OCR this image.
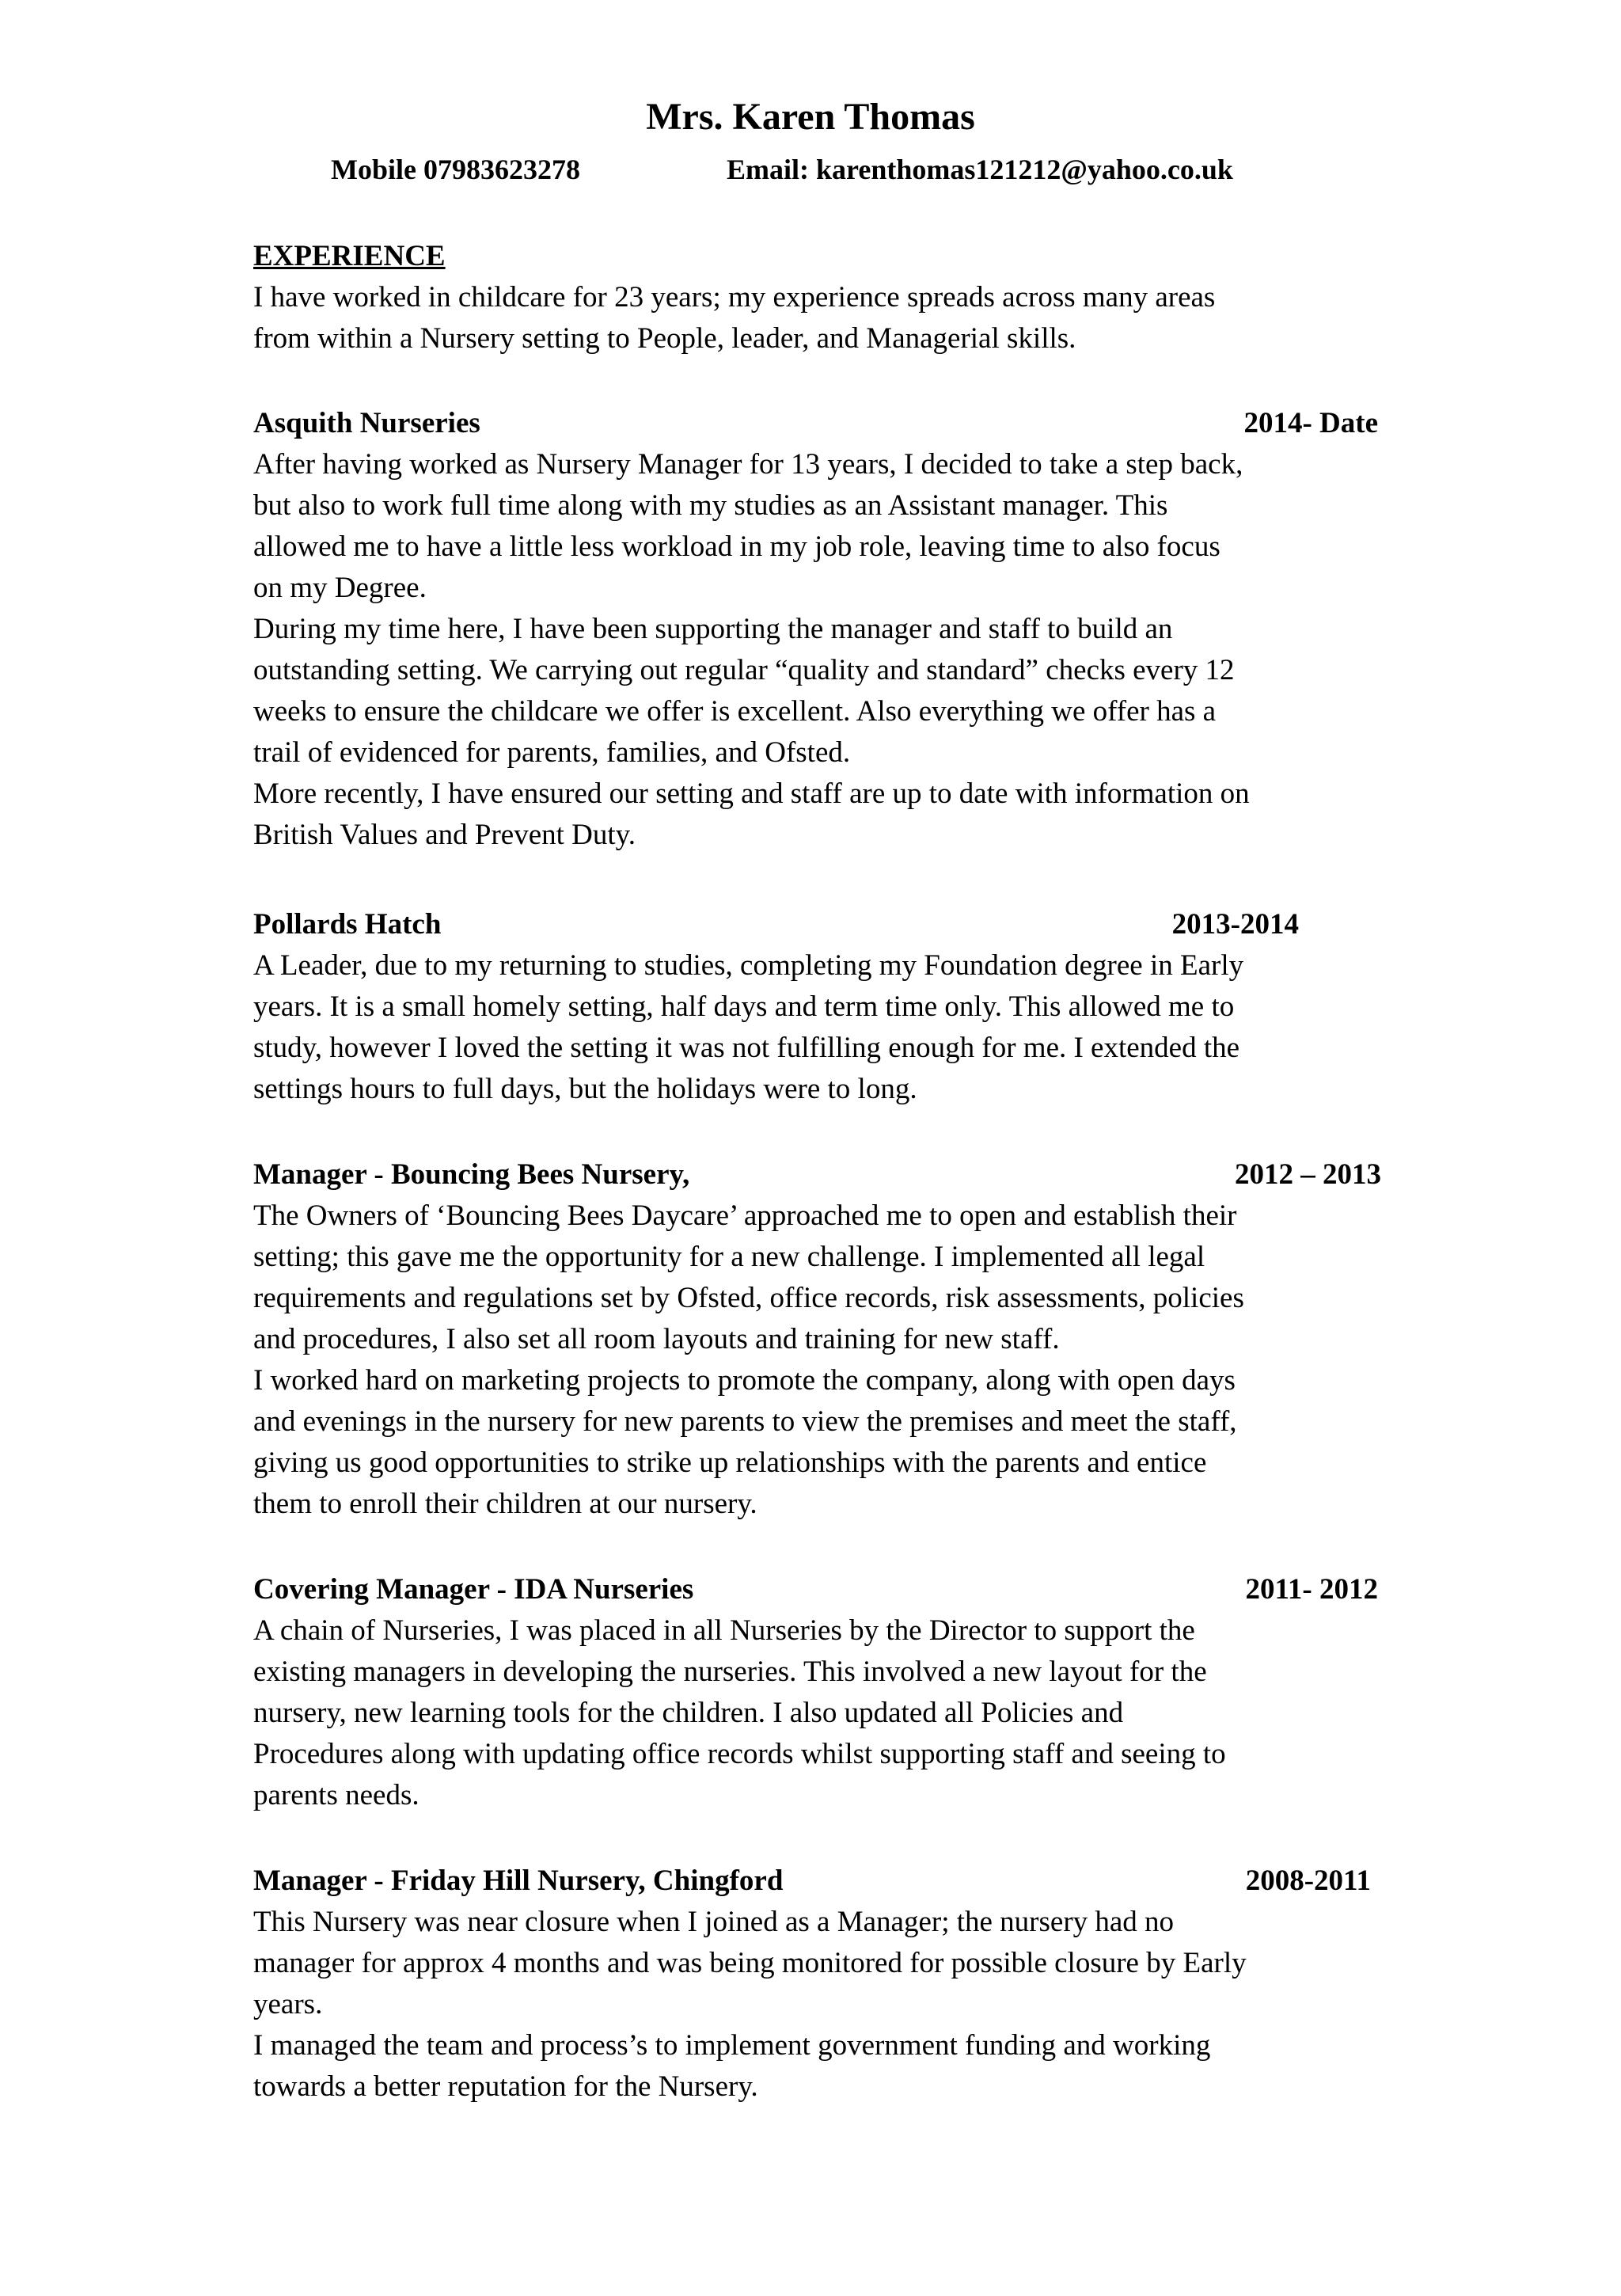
Mrs. Karen Thomas
Mobile 07983623278	Email: karenthomas121212@yahoo.co.uk
EXPERIENCE
I have worked in childcare for 23 years; my experience spreads across many areas
from within a Nursery setting to People, leader, and Managerial skills.
Asquith Nurseries	2014- Date
After having worked as Nursery Manager for 13 years, I decided to take a step back,
but also to work full time along with my studies as an Assistant manager. This
allowed me to have a little less workload in my job role, leaving time to also focus
on my Degree.
During my time here, I have been supporting the manager and staff to build an
outstanding setting. We carrying out regular “quality and standard” checks every 12
weeks to ensure the childcare we offer is excellent. Also everything we offer has a
trail of evidenced for parents, families, and Ofsted.
More recently, I have ensured our setting and staff are up to date with information on
British Values and Prevent Duty.
Pollards Hatch	2013-2014
A Leader, due to my returning to studies, completing my Foundation degree in Early
years. It is a small homely setting, half days and term time only. This allowed me to
study, however I loved the setting it was not fulfilling enough for me. I extended the
settings hours to full days, but the holidays were to long.
Manager - Bouncing Bees Nursery,	2012 – 2013
The Owners of ‘Bouncing Bees Daycare’ approached me to open and establish their
setting; this gave me the opportunity for a new challenge. I implemented all legal
requirements and regulations set by Ofsted, office records, risk assessments, policies
and procedures, I also set all room layouts and training for new staff.
I worked hard on marketing projects to promote the company, along with open days
and evenings in the nursery for new parents to view the premises and meet the staff,
giving us good opportunities to strike up relationships with the parents and entice
them to enroll their children at our nursery.
Covering Manager - IDA Nurseries	2011- 2012
A chain of Nurseries, I was placed in all Nurseries by the Director to support the
existing managers in developing the nurseries. This involved a new layout for the
nursery, new learning tools for the children. I also updated all Policies and
Procedures along with updating office records whilst supporting staff and seeing to
parents needs.
Manager - Friday Hill Nursery, Chingford	2008-2011
This Nursery was near closure when I joined as a Manager; the nursery had no
manager for approx 4 months and was being monitored for possible closure by Early
years.
I managed the team and process’s to implement government funding and working
towards a better reputation for the Nursery.
